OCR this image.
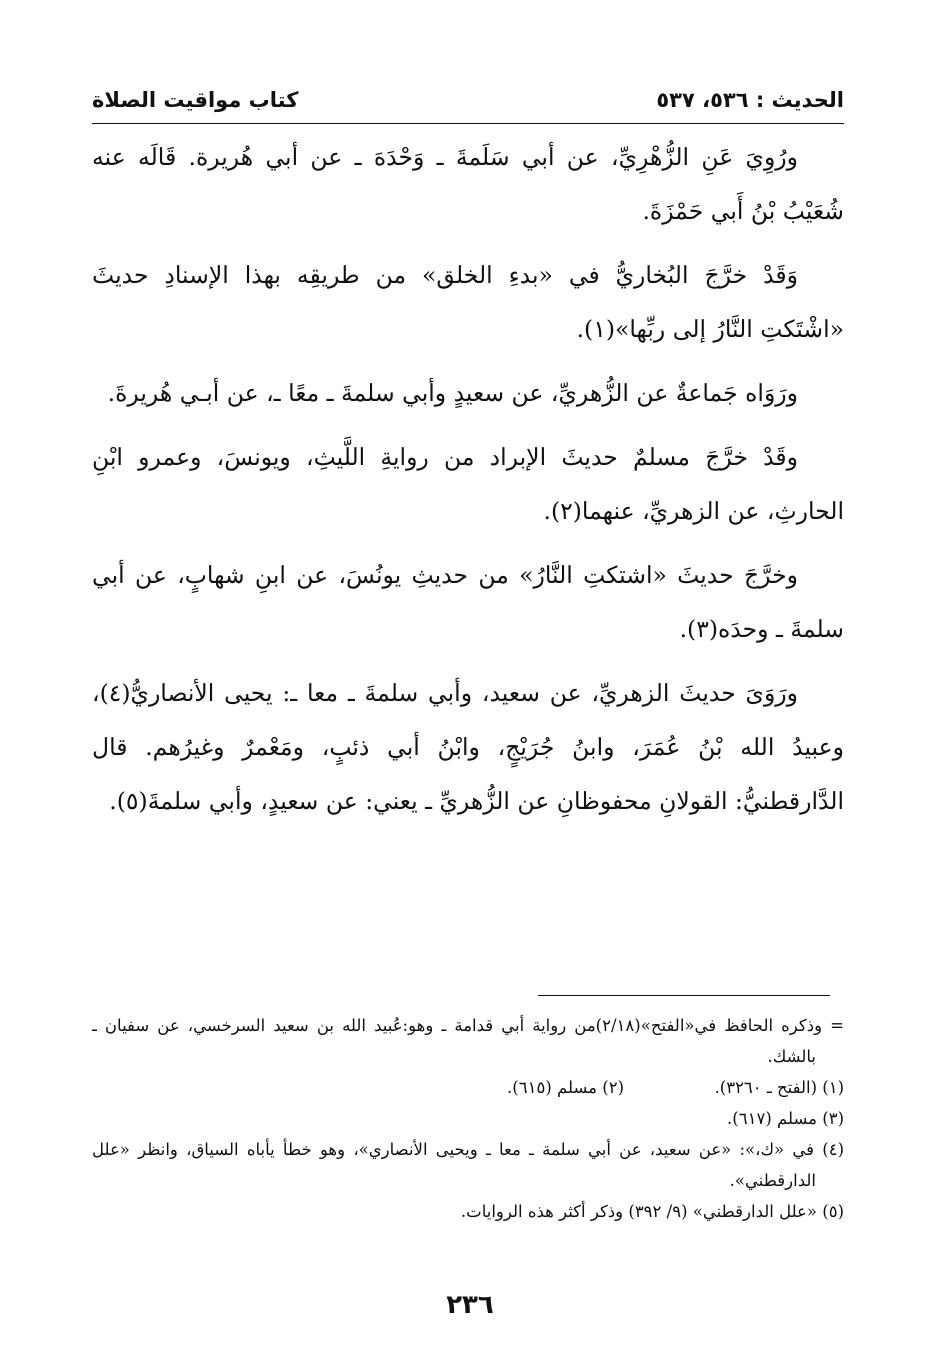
الحديث : ٥٣٦، ٥٣٧
كتاب مواقيت الصلاة

ورُوِيَ عَنِ الزُّهْرِيِّ، عن أبي سَلَمةَ ـ وَحْدَهَ ـ عن أبي هُريرة. قَالَه عنه شُعَيْبُ بْنُ أَبي حَمْزَةَ.

وَقَدْ خرَّجَ البُخاريُّ في «بدءِ الخلق» من طريقِه بهذا الإسنادِ حديثَ «اشْتَكتِ النَّارُ إلى ربِّها»(١).

ورَوَاه جَماعةٌ عن الزُّهريِّ، عن سعيدٍ وأبي سلمةَ ـ معًا ـ، عن أبـي هُريرةَ.

وقَدْ خرَّجَ مسلمٌ حديثَ الإبراد من روايةِ اللَّيثِ، ويونسَ، وعمرو ابْنِ الحارثِ، عن الزهريِّ، عنهما(٢).

وخرَّجَ حديثَ «اشتكتِ النَّارُ» من حديثِ يونُسَ، عن ابنِ شهابٍ، عن أبي سلمةَ ـ وحدَه(٣).

ورَوَىَ حديثَ الزهريِّ، عن سعيد، وأبي سلمةَ ـ معا ـ: يحيى الأنصاريُّ(٤)، وعبيدُ الله بْنُ عُمَرَ، وابنُ جُرَيْجٍ، وابْنُ أبي ذئبٍ، ومَعْمرٌ وغيرُهم. قال الدَّارقطنيُّ: القولانِ محفوظانِ عن الزُّهريِّ ـ يعني: عن سعيدٍ، وأبي سلمةَ(٥).

= وذكره الحافظ في«الفتح»(٢/١٨)من رواية أبي قدامة ـ وهو:عُبيد الله بن سعيد السرخسي، عن سفيان ـ بالشك.

(١) (الفتح ـ ٣٢٦٠).
(٢) مسلم (٦١٥).

(٣) مسلم (٦١٧).

(٤) في «ك،»: «عن سعيد، عن أبي سلمة ـ معا ـ ويحيى الأنصاري»، وهو خطأ يأباه السياق، وانظر «علل الدارقطني».

(٥) «علل الدارقطني» (٩/ ٣٩٢) وذكر أكثر هذه الروايات.

٢٣٦
